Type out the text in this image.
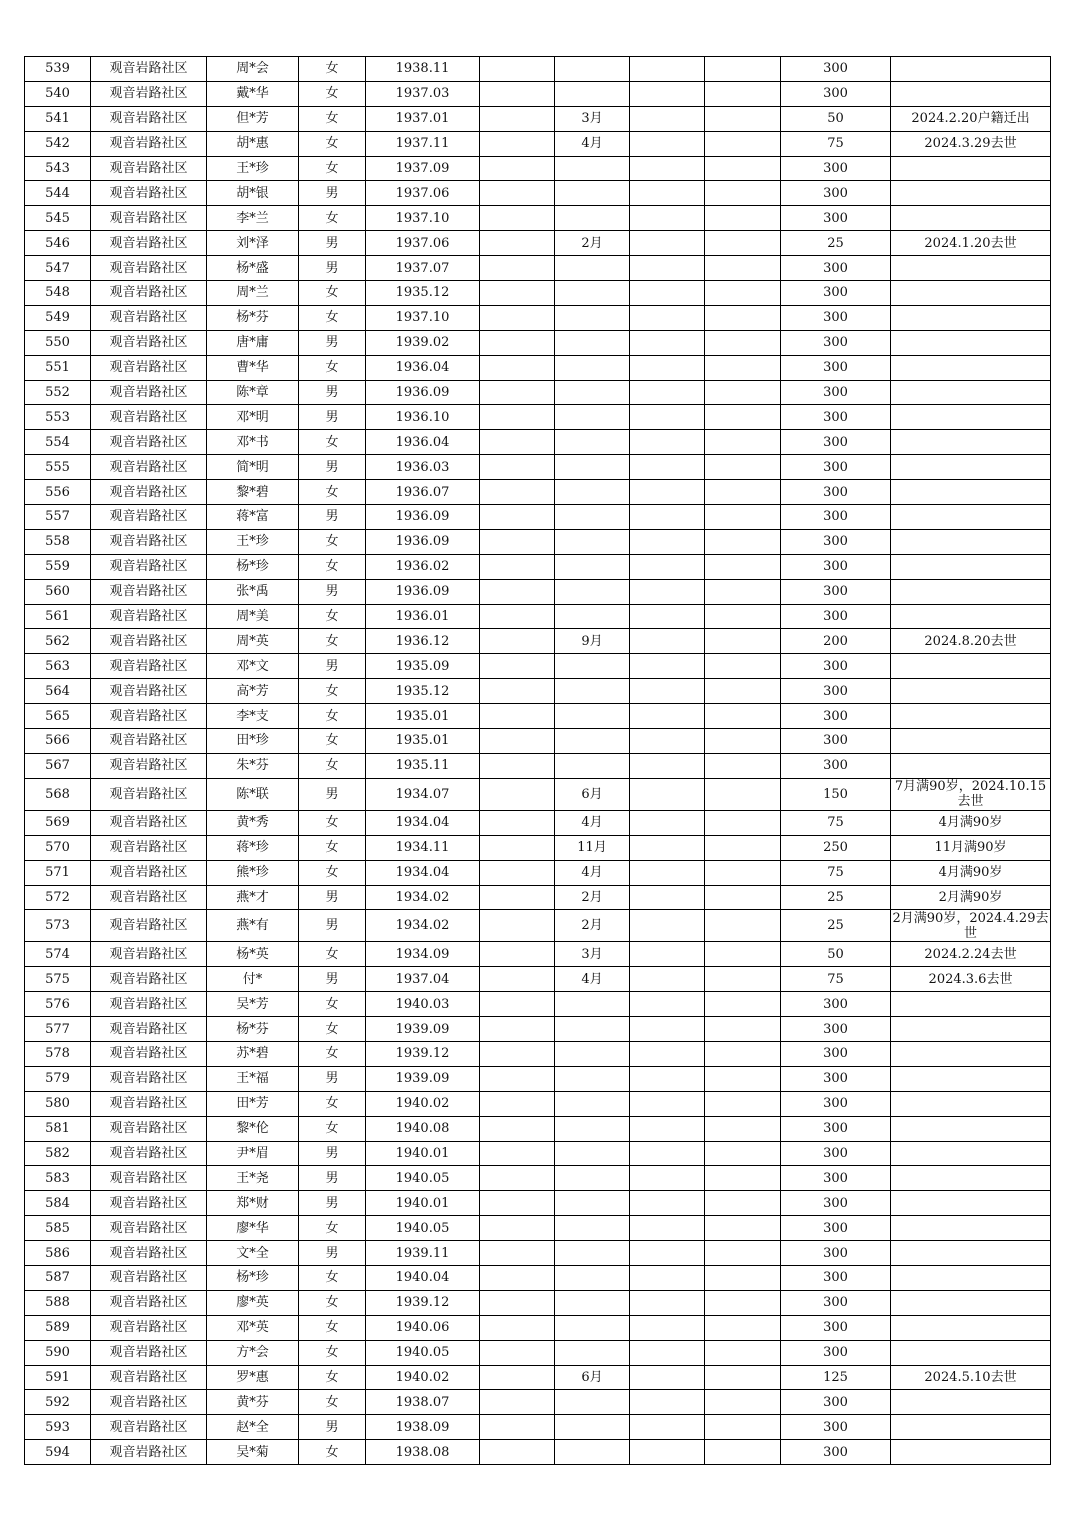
539	观音岩路社区	周*会	女	1938.11					300	
540	观音岩路社区	戴*华	女	1937.03					300	
541	观音岩路社区	但*芳	女	1937.01		3月			50	2024.2.20户籍迁出
542	观音岩路社区	胡*惠	女	1937.11		4月			75	2024.3.29去世
543	观音岩路社区	王*珍	女	1937.09					300	
544	观音岩路社区	胡*银	男	1937.06					300	
545	观音岩路社区	李*兰	女	1937.10					300	
546	观音岩路社区	刘*泽	男	1937.06		2月			25	2024.1.20去世
547	观音岩路社区	杨*盛	男	1937.07					300	
548	观音岩路社区	周*兰	女	1935.12					300	
549	观音岩路社区	杨*芬	女	1937.10					300	
550	观音岩路社区	唐*庸	男	1939.02					300	
551	观音岩路社区	曹*华	女	1936.04					300	
552	观音岩路社区	陈*章	男	1936.09					300	
553	观音岩路社区	邓*明	男	1936.10					300	
554	观音岩路社区	邓*书	女	1936.04					300	
555	观音岩路社区	简*明	男	1936.03					300	
556	观音岩路社区	黎*碧	女	1936.07					300	
557	观音岩路社区	蒋*富	男	1936.09					300	
558	观音岩路社区	王*珍	女	1936.09					300	
559	观音岩路社区	杨*珍	女	1936.02					300	
560	观音岩路社区	张*禹	男	1936.09					300	
561	观音岩路社区	周*美	女	1936.01					300	
562	观音岩路社区	周*英	女	1936.12		9月			200	2024.8.20去世
563	观音岩路社区	邓*文	男	1935.09					300	
564	观音岩路社区	高*芳	女	1935.12					300	
565	观音岩路社区	李*支	女	1935.01					300	
566	观音岩路社区	田*珍	女	1935.01					300	
567	观音岩路社区	朱*芬	女	1935.11					300	
568	观音岩路社区	陈*联	男	1934.07		6月			150	7月满90岁，2024.10.15去世
569	观音岩路社区	黄*秀	女	1934.04		4月			75	4月满90岁
570	观音岩路社区	蒋*珍	女	1934.11		11月			250	11月满90岁
571	观音岩路社区	熊*珍	女	1934.04		4月			75	4月满90岁
572	观音岩路社区	燕*才	男	1934.02		2月			25	2月满90岁
573	观音岩路社区	燕*有	男	1934.02		2月			25	2月满90岁，2024.4.29去世
574	观音岩路社区	杨*英	女	1934.09		3月			50	2024.2.24去世
575	观音岩路社区	付*	男	1937.04		4月			75	2024.3.6去世
576	观音岩路社区	吴*芳	女	1940.03					300	
577	观音岩路社区	杨*芬	女	1939.09					300	
578	观音岩路社区	苏*碧	女	1939.12					300	
579	观音岩路社区	王*福	男	1939.09					300	
580	观音岩路社区	田*芳	女	1940.02					300	
581	观音岩路社区	黎*伦	女	1940.08					300	
582	观音岩路社区	尹*眉	男	1940.01					300	
583	观音岩路社区	王*尧	男	1940.05					300	
584	观音岩路社区	郑*财	男	1940.01					300	
585	观音岩路社区	廖*华	女	1940.05					300	
586	观音岩路社区	文*全	男	1939.11					300	
587	观音岩路社区	杨*珍	女	1940.04					300	
588	观音岩路社区	廖*英	女	1939.12					300	
589	观音岩路社区	邓*英	女	1940.06					300	
590	观音岩路社区	方*会	女	1940.05					300	
591	观音岩路社区	罗*惠	女	1940.02		6月			125	2024.5.10去世
592	观音岩路社区	黄*芬	女	1938.07					300	
593	观音岩路社区	赵*全	男	1938.09					300	
594	观音岩路社区	吴*菊	女	1938.08					300	
